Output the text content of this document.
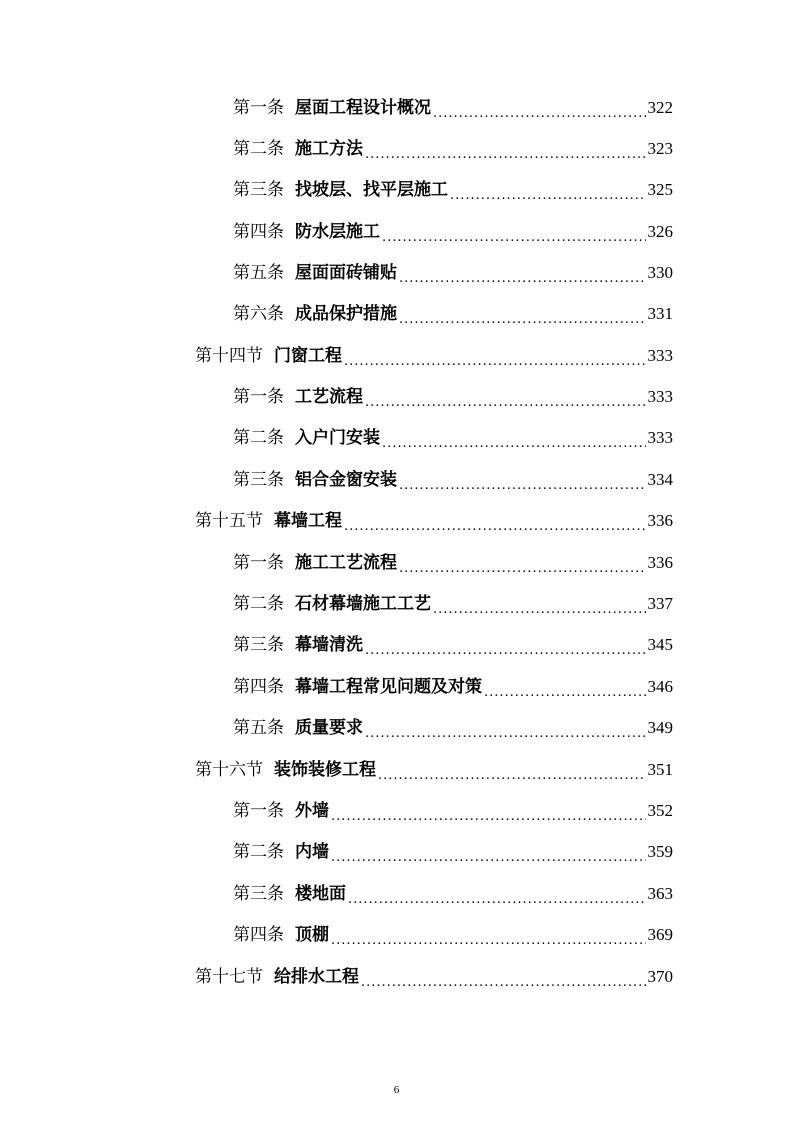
第一条 屋面工程设计概况 .....	322
第二条 施工方法 .....	323
第三条 找坡层、找平层施工 .....	325
第四条 防水层施工 .....	326
第五条 屋面面砖铺贴 .....	330
第六条 成品保护措施 .....	331
第十四节 门窗工程 .....	333
第一条 工艺流程 .....	333
第二条 入户门安装 .....	333
第三条 铝合金窗安装 .....	334
第十五节 幕墙工程 .....	336
第一条 施工工艺流程 .....	336
第二条 石材幕墙施工工艺 .....	337
第三条 幕墙清洗 .....	345
第四条 幕墙工程常见问题及对策 .....	346
第五条 质量要求 .....	349
第十六节 装饰装修工程 .....	351
第一条 外墙 .....	352
第二条 内墙 .....	359
第三条 楼地面 .....	363
第四条 顶棚 .....	369
第十七节 给排水工程 .....	370
6
